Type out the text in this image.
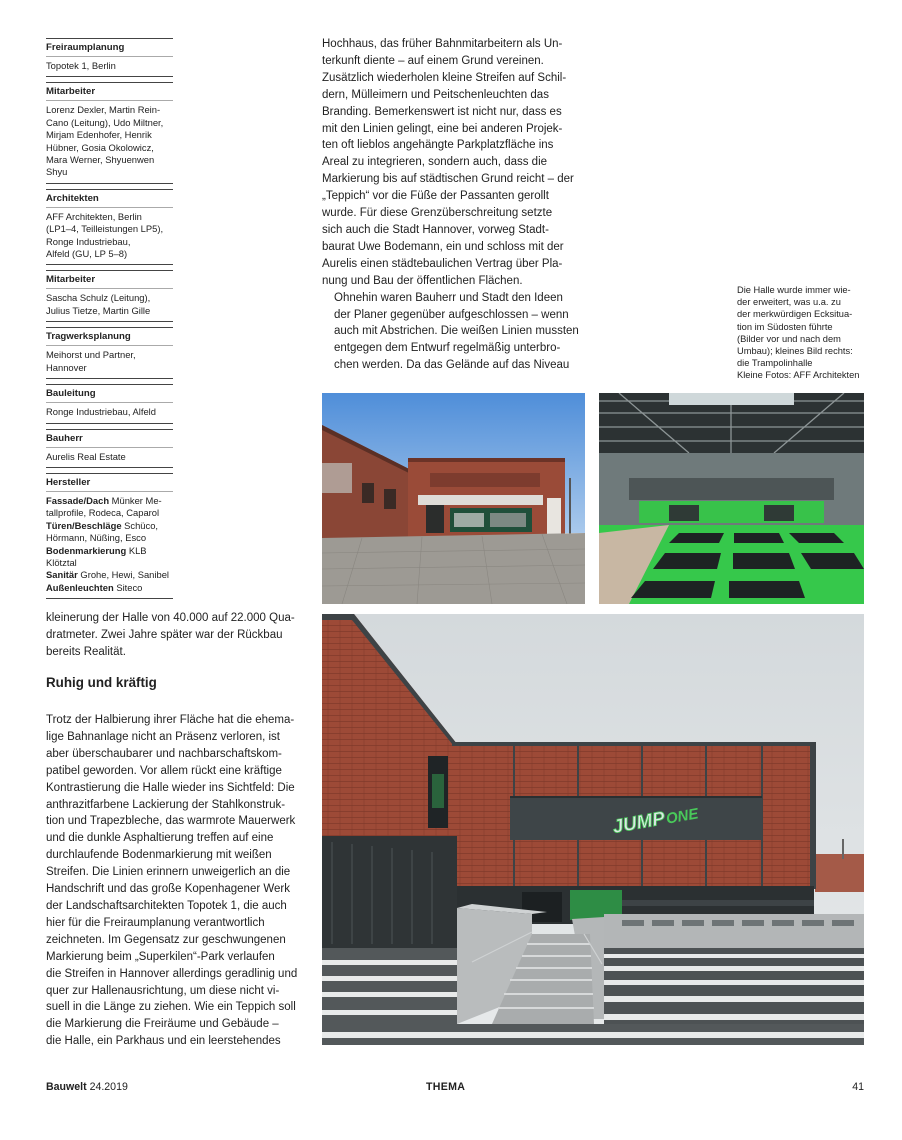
Freiraumplanung
Topotek 1, Berlin
Mitarbeiter
Lorenz Dexler, Martin Rein-
Cano (Leitung), Udo Miltner,
Mirjam Edenhofer, Henrik
Hübner, Gosia Okolowicz,
Mara Werner, Shyuenwen
Shyu
Architekten
AFF Architekten, Berlin
(LP1–4, Teilleistungen LP5),
Ronge Industriebau,
Alfeld (GU, LP 5–8)
Mitarbeiter
Sascha Schulz (Leitung),
Julius Tietze, Martin Gille
Tragwerksplanung
Meihorst und Partner,
Hannover
Bauleitung
Ronge Industriebau, Alfeld
Bauherr
Aurelis Real Estate
Hersteller
Fassade/Dach Münker Me-
tallprofile, Rodeca, Caparol
Türen/Beschläge Schüco,
Hörmann, Nüßing, Esco
Bodenmarkierung KLB
Klötztal
Sanitär Grohe, Hewi, Sanibel
Außenleuchten Siteco

Hochhaus, das früher Bahnmitarbeitern als Un-
terkunft diente – auf einem Grund vereinen.
Zusätzlich wiederholen kleine Streifen auf Schil-
dern, Mülleimern und Peitschenleuchten das
Branding. Bemerkenswert ist nicht nur, dass es
mit den Linien gelingt, eine bei anderen Projek-
ten oft lieblos angehängte Parkplatzfläche ins
Areal zu integrieren, sondern auch, dass die
Markierung bis auf städtischen Grund reicht – der
„Teppich“ vor die Füße der Passanten gerollt
wurde. Für diese Grenzüberschreitung setzte
sich auch die Stadt Hannover, vorweg Stadt-
baurat Uwe Bodemann, ein und schloss mit der
Aurelis einen städtebaulichen Vertrag über Pla-
nung und Bau der öffentlichen Flächen.

Ohnehin waren Bauherr und Stadt den Ideen
der Planer gegenüber aufgeschlossen – wenn
auch mit Abstrichen. Die weißen Linien mussten
entgegen dem Entwurf regelmäßig unterbro-
chen werden. Da das Gelände auf das Niveau

Die Halle wurde immer wie-
der erweitert, was u.a. zu
der merkwürdigen Ecksitua-
tion im Südosten führte
(Bilder vor und nach dem
Umbau); kleines Bild rechts:
die Trampolinhalle
Kleine Fotos: AFF Architekten
JUMP
ONE

kleinerung der Halle von 40.000 auf 22.000 Qua-
dratmeter. Zwei Jahre später war der Rückbau
bereits Realität.

Ruhig und kräftig

Trotz der Halbierung ihrer Fläche hat die ehema-
lige Bahnanlage nicht an Präsenz verloren, ist
aber überschaubarer und nachbarschaftskom-
patibel geworden. Vor allem rückt eine kräftige
Kontrastierung die Halle wieder ins Sichtfeld: Die
anthrazitfarbene Lackierung der Stahlkonstruk-
tion und Trapezbleche, das warmrote Mauerwerk
und die dunkle Asphaltierung treffen auf eine
durchlaufende Bodenmarkierung mit weißen
Streifen. Die Linien erinnern unweigerlich an die
Handschrift und das große Kopenhagener Werk
der Landschaftsarchitekten Topotek 1, die auch
hier für die Freiraumplanung verantwortlich
zeichneten. Im Gegensatz zur geschwungenen
Markierung beim „Superkilen“-Park verlaufen
die Streifen in Hannover allerdings geradlinig und
quer zur Hallenausrichtung, um diese nicht vi-
suell in die Länge zu ziehen. Wie ein Teppich soll
die Markierung die Freiräume und Gebäude –
die Halle, ein Parkhaus und ein leerstehendes

Bauwelt 24.2019	THEMA	41
